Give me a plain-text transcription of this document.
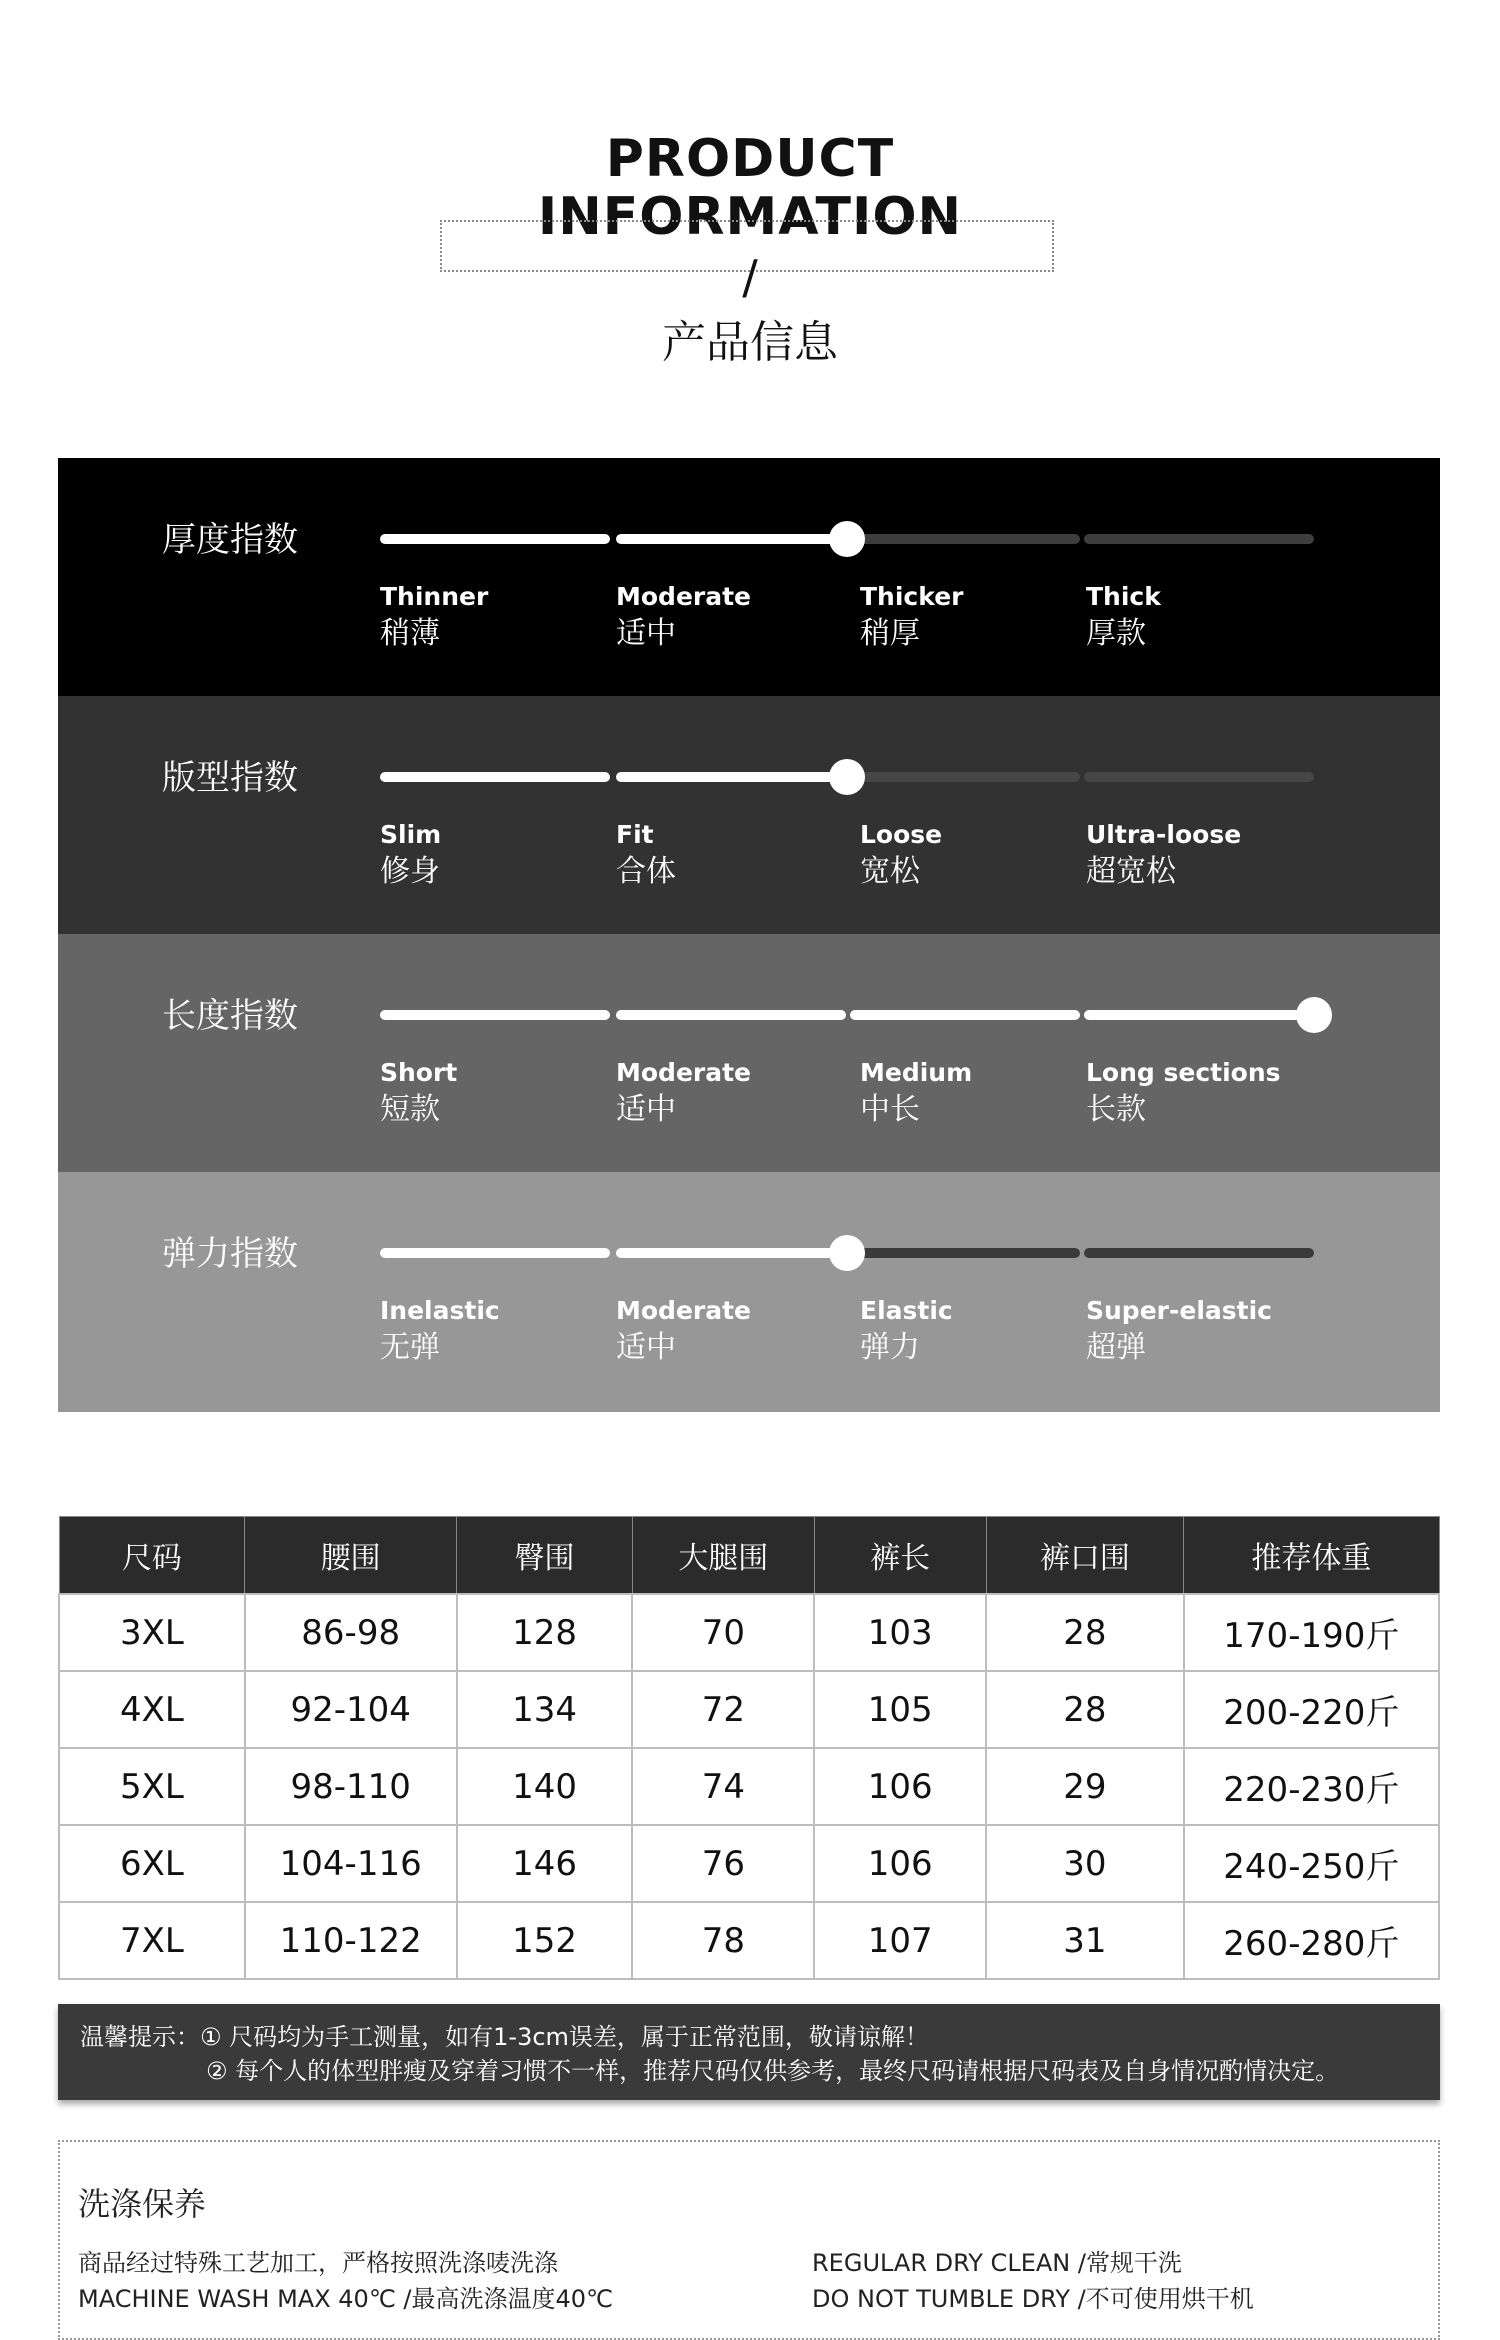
PRODUCT
INFORMATION
/
产品信息
厚度指数
Thinner
稍薄
Moderate
适中
Thicker
稍厚
Thick
厚款
版型指数
Slim
修身
Fit
合体
Loose
宽松
Ultra-loose
超宽松
长度指数
Short
短款
Moderate
适中
Medium
中长
Long sections
长款
弹力指数
Inelastic
无弹
Moderate
适中
Elastic
弹力
Super-elastic
超弹
尺码	腰围	臀围	大腿围	裤长	裤口围	推荐体重
3XL	86-98	128	70	103	28	170-190斤
4XL	92-104	134	72	105	28	200-220斤
5XL	98-110	140	74	106	29	220-230斤
6XL	104-116	146	76	106	30	240-250斤
7XL	110-122	152	78	107	31	260-280斤
温馨提示：① 尺码均为手工测量，如有1-3cm误差，属于正常范围，敬请谅解！
② 每个人的体型胖瘦及穿着习惯不一样，推荐尺码仅供参考，最终尺码请根据尺码表及自身情况酌情决定。
洗涤保养
商品经过特殊工艺加工，严格按照洗涤唛洗涤
MACHINE WASH MAX 40℃ /最高洗涤温度40℃
REGULAR DRY CLEAN /常规干洗
DO NOT TUMBLE DRY /不可使用烘干机
